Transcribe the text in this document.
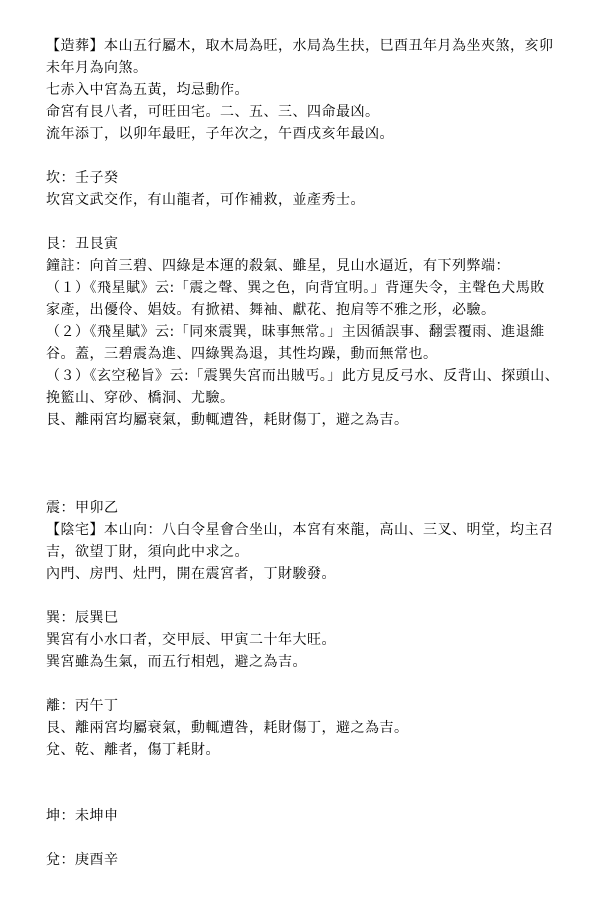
【造葬】本山五行屬木，取木局為旺，水局為生扶，巳酉丑年月為坐夾煞，亥卯
未年月為向煞。
七赤入中宮為五黃，均忌動作。
命宮有艮八者，可旺田宅。二、五、三、四命最凶。
流年添丁，以卯年最旺，子年次之，午酉戌亥年最凶。
坎：壬子癸
坎宮文武交作，有山龍者，可作補救，並產秀士。
艮：丑艮寅
鐘註：向首三碧、四綠是本運的殺氣、雖星，見山水逼近，有下列弊端：
（１）《飛星賦》云:「震之聲、巽之色，向背宜明。」背運失令，主聲色犬馬敗
家產，出優伶、娼妓。有掀裙、舞袖、獻花、抱肩等不雅之形，必驗。
（２）《飛星賦》云:「同來震巽，昧事無常。」主因循誤事、翻雲覆雨、進退維
谷。蓋，三碧震為進、四綠巽為退，其性均躁，動而無常也。
（３）《玄空秘旨》云:「震巽失宮而出賊丐。」此方見反弓水、反背山、探頭山、
挽籃山、穿砂、橋洞、尤驗。
艮、離兩宮均屬衰氣，動輒遭咎，耗財傷丁，避之為吉。
震：甲卯乙
【陰宅】本山向：八白令星會合坐山，本宮有來龍，高山、三叉、明堂，均主召
吉，欲望丁財，須向此中求之。
內門、房門、灶門，開在震宮者，丁財駿發。
巽：辰巽巳
巽宮有小水口者，交甲辰、甲寅二十年大旺。
巽宮雖為生氣，而五行相剋，避之為吉。
離：丙午丁
艮、離兩宮均屬衰氣，動輒遭咎，耗財傷丁，避之為吉。
兌、乾、離者，傷丁耗財。
坤：未坤申
兌：庚酉辛
